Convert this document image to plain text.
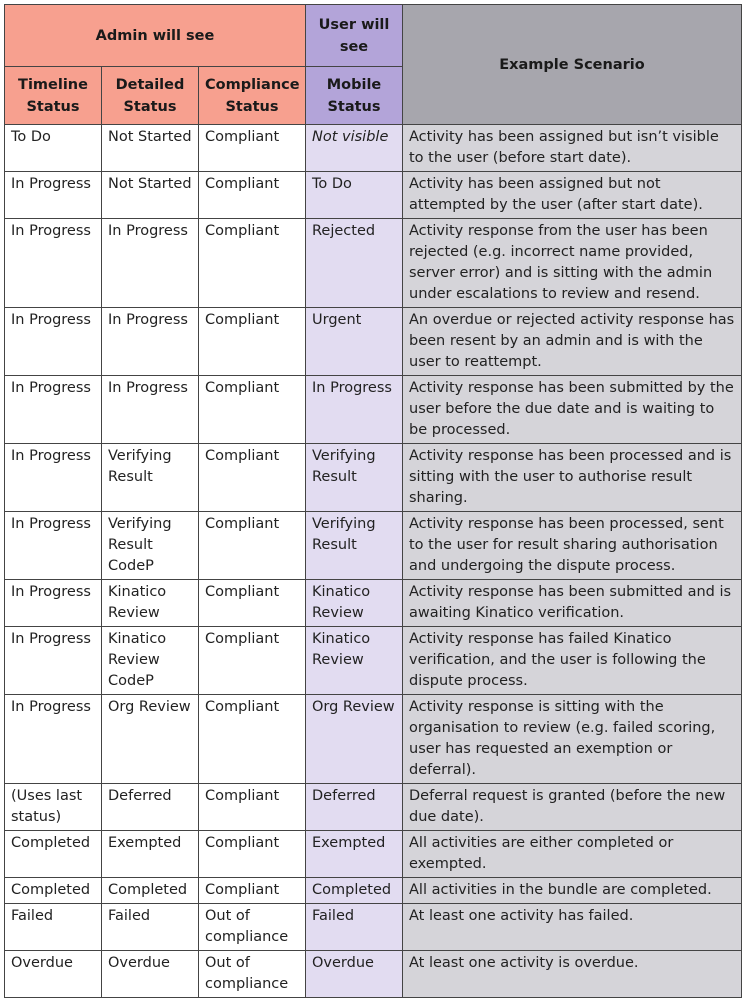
Admin will see			User will see	Example Scenario
Timeline Status	Detailed Status	Compliance Status	Mobile Status	
To Do	Not Started	Compliant	Not visible	Activity has been assigned but isn’t visible to the user (before start date).
In Progress	Not Started	Compliant	To Do	Activity has been assigned but not attempted by the user (after start date).
In Progress	In Progress	Compliant	Rejected	Activity response from the user has been rejected (e.g. incorrect name provided, server error) and is sitting with the admin under escalations to review and resend.
In Progress	In Progress	Compliant	Urgent	An overdue or rejected activity response has been resent by an admin and is with the user to reattempt.
In Progress	In Progress	Compliant	In Progress	Activity response has been submitted by the user before the due date and is waiting to be processed.
In Progress	Verifying Result	Compliant	Verifying Result	Activity response has been processed and is sitting with the user to authorise result sharing.
In Progress	Verifying Result CodeP	Compliant	Verifying Result	Activity response has been processed, sent to the user for result sharing authorisation and undergoing the dispute process.
In Progress	Kinatico Review	Compliant	Kinatico Review	Activity response has been submitted and is awaiting Kinatico verification.
In Progress	Kinatico Review CodeP	Compliant	Kinatico Review	Activity response has failed Kinatico verification, and the user is following the dispute process.
In Progress	Org Review	Compliant	Org Review	Activity response is sitting with the organisation to review (e.g. failed scoring, user has requested an exemption or deferral).
(Uses last status)	Deferred	Compliant	Deferred	Deferral request is granted (before the new due date).
Completed	Exempted	Compliant	Exempted	All activities are either completed or exempted.
Completed	Completed	Compliant	Completed	All activities in the bundle are completed.
Failed	Failed	Out of compliance	Failed	At least one activity has failed.
Overdue	Overdue	Out of compliance	Overdue	At least one activity is overdue.
